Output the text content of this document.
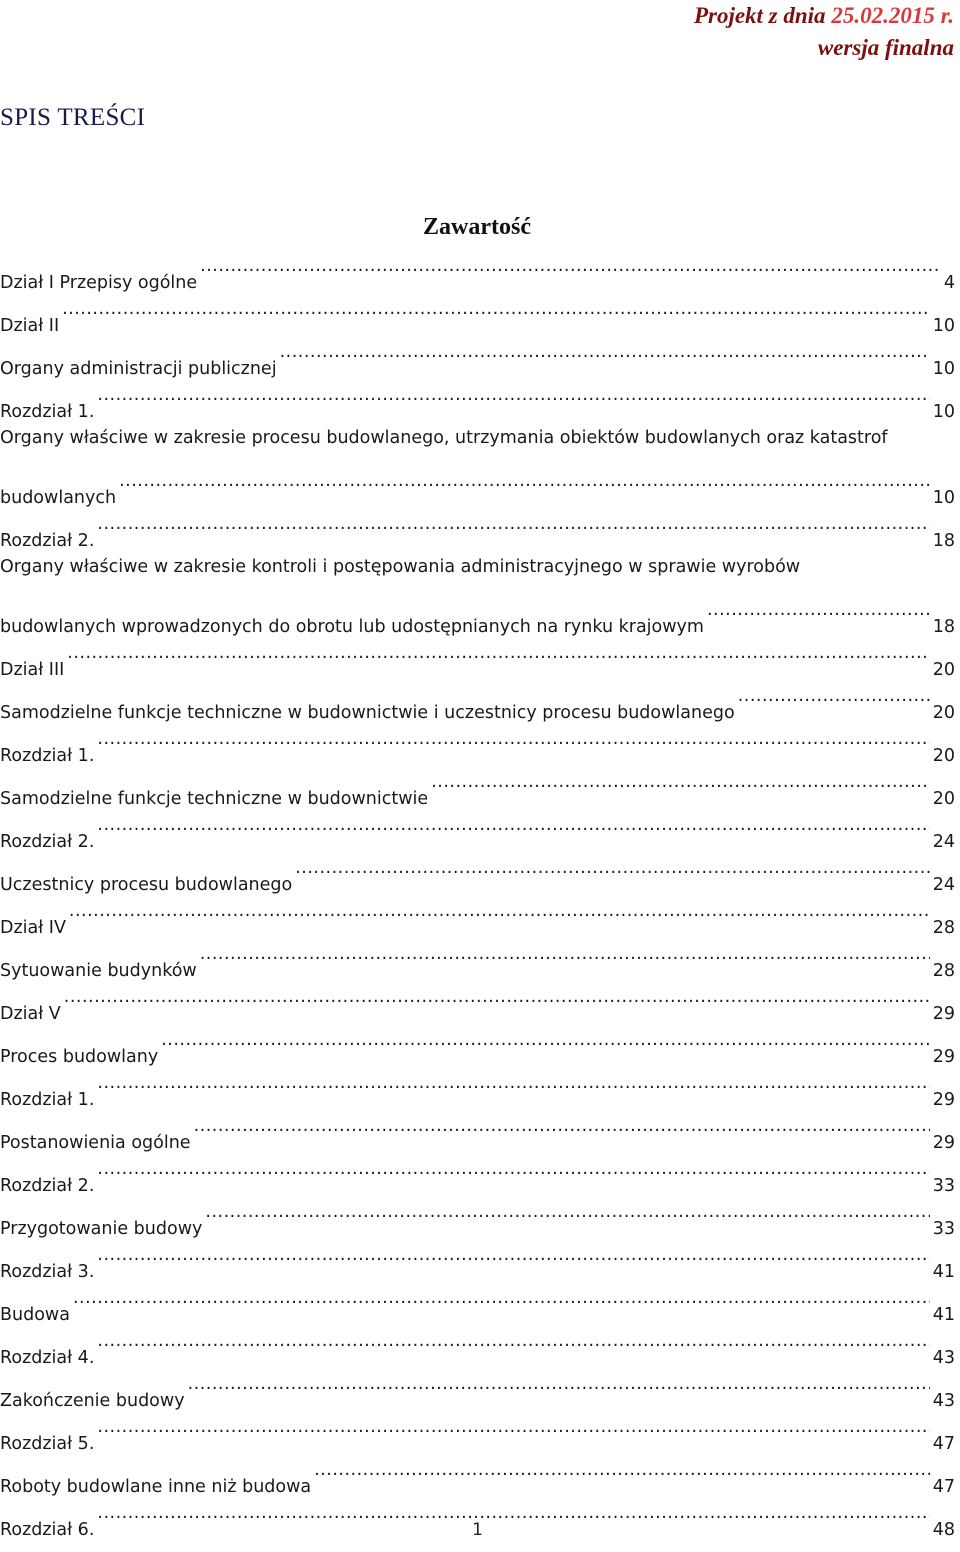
Projekt z dnia 25.02.2015 r.
wersja finalna
SPIS TREŚCI
Zawartość
Dział I Przepisy ogólne .....	4
Dział II .....	10
Organy administracji publicznej .....	10
Rozdział 1. .....	10
Organy właściwe w zakresie procesu budowlanego, utrzymania obiektów budowlanych oraz katastrof
budowlanych .....	10
Rozdział 2. .....	18
Organy właściwe w zakresie kontroli i postępowania administracyjnego w sprawie wyrobów
budowlanych wprowadzonych do obrotu lub udostępnianych na rynku krajowym .....	18
Dział III .....	20
Samodzielne funkcje techniczne w budownictwie i uczestnicy procesu budowlanego .....	20
Rozdział 1. .....	20
Samodzielne funkcje techniczne w budownictwie .....	20
Rozdział 2. .....	24
Uczestnicy procesu budowlanego .....	24
Dział IV .....	28
Sytuowanie budynków .....	28
Dział V .....	29
Proces budowlany .....	29
Rozdział 1. .....	29
Postanowienia ogólne .....	29
Rozdział 2. .....	33
Przygotowanie budowy .....	33
Rozdział 3. .....	41
Budowa .....	41
Rozdział 4. .....	43
Zakończenie budowy .....	43
Rozdział 5. .....	47
Roboty budowlane inne niż budowa .....	47
Rozdział 6. .....	48
1
